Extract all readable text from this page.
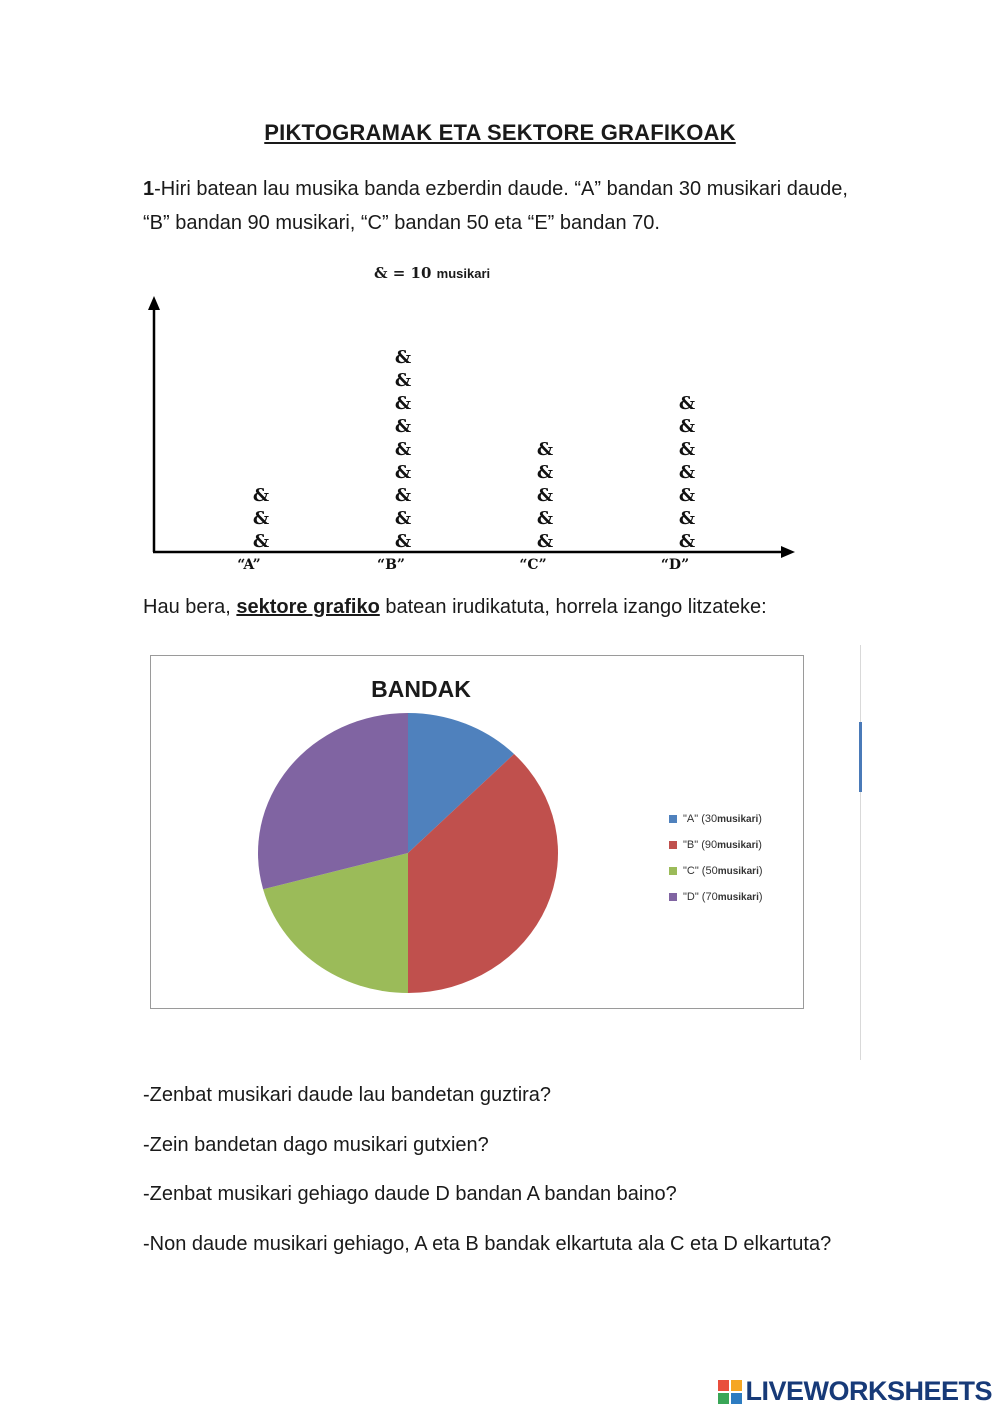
PIKTOGRAMAK ETA SEKTORE GRAFIKOAK
1-Hiri batean lau musika banda ezberdin daude. “A” bandan 30 musikari daude, “B” bandan 90 musikari, “C” bandan 50 eta “E” bandan 70.
& = 10 musikari
&
&
&
“A”
&
&
&
&
&
&
&
&
&
“B”
&
&
&
&
&
“C”
&
&
&
&
&
&
&
“D”
Hau bera, sektore grafiko batean irudikatuta, horrela izango litzateke:
BANDAK
"A" (30 musikari )
"B" (90 musikari )
"C" (50 musikari )
"D" (70 musikari )
-Zenbat musikari daude lau bandetan guztira?
-Zein bandetan dago musikari gutxien?
-Zenbat musikari gehiago daude D bandan A bandan baino?
-Non daude musikari gehiago, A eta B bandak elkartuta ala C eta D elkartuta?
LIVEWORKSHEETS
